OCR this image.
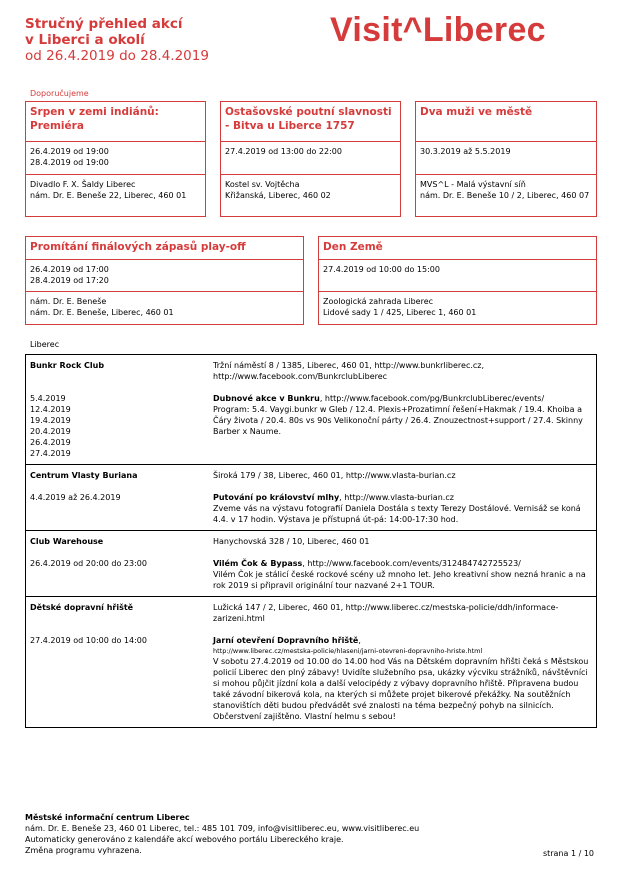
Stručný přehled akcí
v Liberci a okolí
od 26.4.2019 do 28.4.2019
Visit^Liberec
Doporučujeme
Srpen v zemi indiánů: Premiéra
26.4.2019 od 19:00
28.4.2019 od 19:00
Divadlo F. X. Šaldy Liberec
nám. Dr. E. Beneše 22, Liberec, 460 01
Ostašovské poutní slavnosti - Bitva u Liberce 1757
27.4.2019 od 13:00 do 22:00
Kostel sv. Vojtěcha
Křižanská, Liberec, 460 02
Dva muži ve městě
30.3.2019 až 5.5.2019
MVS^L - Malá výstavní síň
nám. Dr. E. Beneše 10 / 2, Liberec, 460 07
Promítání finálových zápasů play-off
26.4.2019 od 17:00
28.4.2019 od 17:20
nám. Dr. E. Beneše
nám. Dr. E. Beneše, Liberec, 460 01
Den Země
27.4.2019 od 10:00 do 15:00
Zoologická zahrada Liberec
Lidové sady 1 / 425, Liberec 1, 460 01
Liberec
Bunkr Rock Club
5.4.2019
12.4.2019
19.4.2019
20.4.2019
26.4.2019
27.4.2019
Tržní náměstí 8 / 1385, Liberec, 460 01, http://www.bunkrliberec.cz, http://www.facebook.com/BunkrclubLiberec
Dubnové akce v Bunkru, http://www.facebook.com/pg/BunkrclubLiberec/events/
Program: 5.4. Vaygi.bunkr w Gleb / 12.4. Plexis+Prozatimní řešení+Hakmak / 19.4. Khoiba a Čáry života / 20.4. 80s vs 90s Velikonoční párty / 26.4. Znouzectnost+support / 27.4. Skinny Barber x Naume.
Centrum Vlasty Buriana
4.4.2019 až 26.4.2019
Široká 179 / 38, Liberec, 460 01, http://www.vlasta-burian.cz
Putování po království mlhy, http://www.vlasta-burian.cz
Zveme vás na výstavu fotografií Daniela Dostála s texty Terezy Dostálové. Vernisáž se koná 4.4. v 17 hodin. Výstava je přístupná út-pá: 14:00-17:30 hod.
Club Warehouse
26.4.2019 od 20:00 do 23:00
Hanychovská 328 / 10, Liberec, 460 01
Vilém Čok & Bypass, http://www.facebook.com/events/312484742725523/
Vilém Čok je stálicí české rockové scény už mnoho let. Jeho kreativní show nezná hranic a na rok 2019 si připravil originální tour nazvané 2+1 TOUR.
Dětské dopravní hřiště
27.4.2019 od 10:00 do 14:00
Lužická 147 / 2, Liberec, 460 01, http://www.liberec.cz/mestska-policie/ddh/informace-zarizeni.html
Jarní otevření Dopravního hřiště,
http://www.liberec.cz/mestska-policie/hlaseni/jarni-otevreni-dopravniho-hriste.html
V sobotu 27.4.2019 od 10.00 do 14.00 hod Vás na Dětském dopravním hřišti čeká s Městskou policií Liberec den plný zábavy! Uvidíte služebního psa, ukázky výcviku strážníků, návštěvníci si mohou půjčit jízdní kola a další velocipédy z výbavy dopravního hřiště. Připravena budou také závodní bikerová kola, na kterých si můžete projet bikerové překážky. Na soutěžních stanovištích děti budou předvádět své znalosti na téma bezpečný pohyb na silnicích. Občerstvení zajištěno. Vlastní helmu s sebou!
Městské informační centrum Liberec
nám. Dr. E. Beneše 23, 460 01 Liberec, tel.: 485 101 709, info@visitliberec.eu, www.visitliberec.eu
Automaticky generováno z kalendáře akcí webového portálu Libereckého kraje.
Změna programu vyhrazena.	strana 1 / 10
